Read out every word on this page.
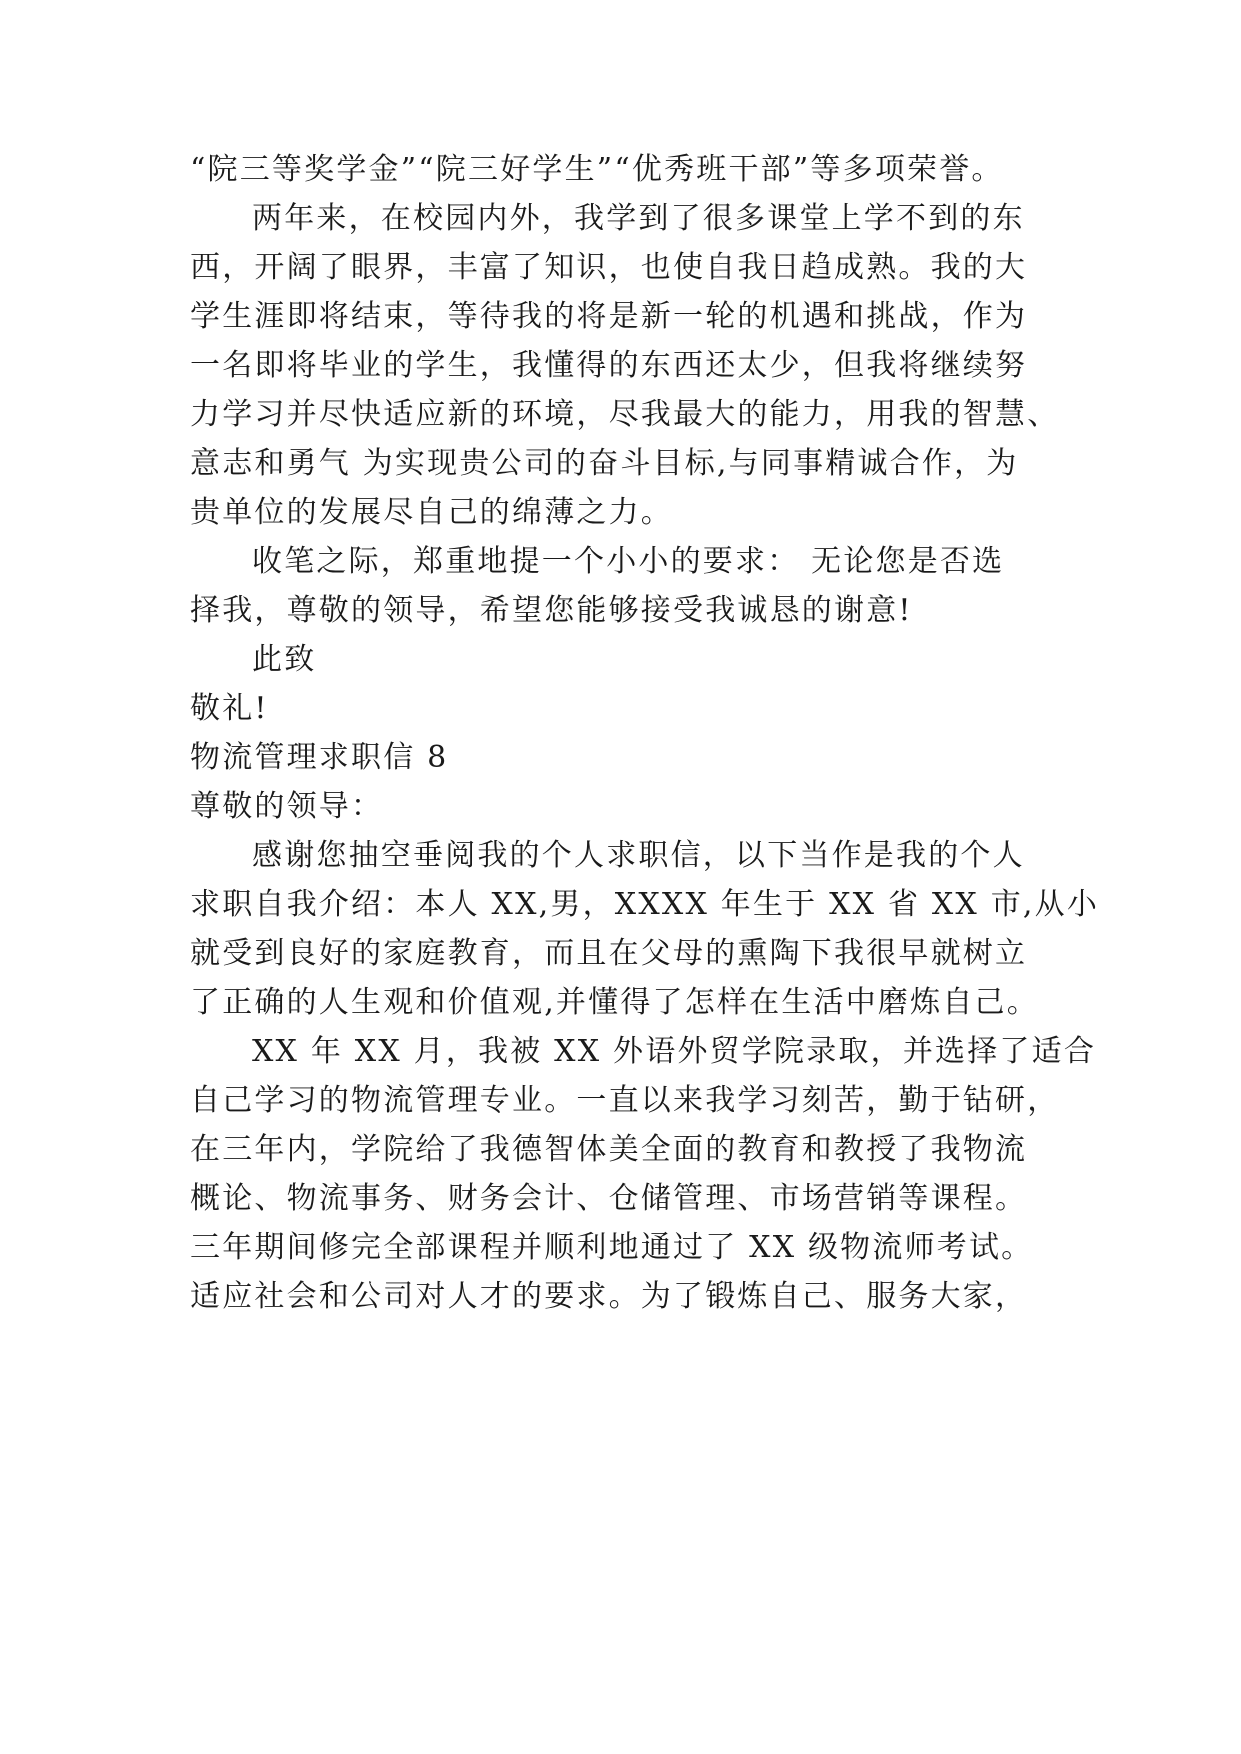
“院三等奖学金”“院三好学生”“优秀班干部”等多项荣誉。
两年来，在校园内外，我学到了很多课堂上学不到的东
西，开阔了眼界，丰富了知识，也使自我日趋成熟。我的大
学生涯即将结束，等待我的将是新一轮的机遇和挑战，作为
一名即将毕业的学生，我懂得的东西还太少，但我将继续努
力学习并尽快适应新的环境，尽我最大的能力，用我的智慧、
意志和勇气 为实现贵公司的奋斗目标,与同事精诚合作，为
贵单位的发展尽自己的绵薄之力。
收笔之际，郑重地提一个小小的要求： 无论您是否选
择我，尊敬的领导，希望您能够接受我诚恳的谢意!
此致
敬礼!
物流管理求职信 8
尊敬的领导：
感谢您抽空垂阅我的个人求职信，以下当作是我的个人
求职自我介绍：本人 XX,男，XXXX 年生于 XX 省 XX 市,从小
就受到良好的家庭教育，而且在父母的熏陶下我很早就树立
了正确的人生观和价值观,并懂得了怎样在生活中磨炼自己。
XX 年 XX 月，我被 XX 外语外贸学院录取，并选择了适合
自己学习的物流管理专业。一直以来我学习刻苦，勤于钻研，
在三年内，学院给了我德智体美全面的教育和教授了我物流
概论、物流事务、财务会计、仓储管理、市场营销等课程。
三年期间修完全部课程并顺利地通过了 XX 级物流师考试。
适应社会和公司对人才的要求。为了锻炼自己、服务大家，
